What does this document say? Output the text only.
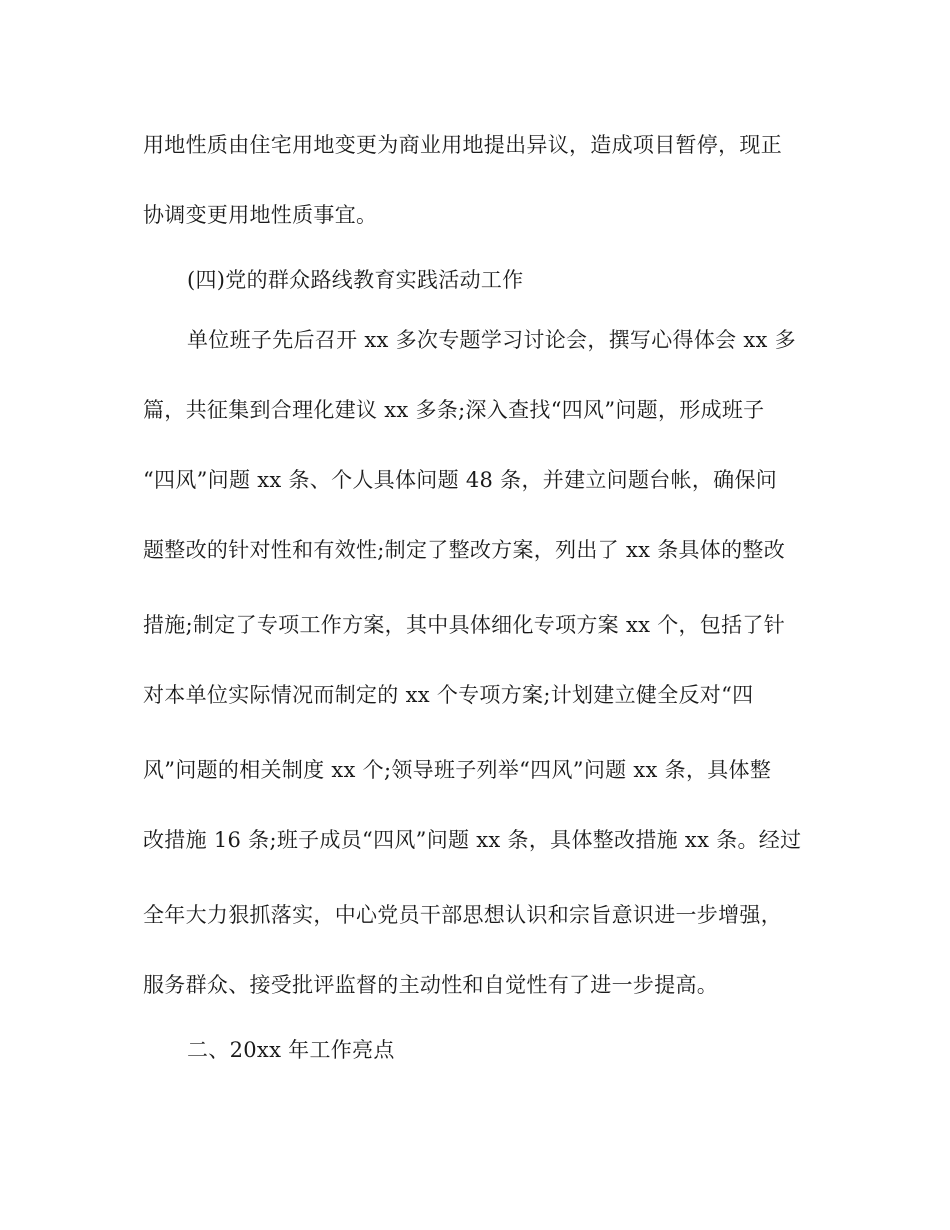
用地性质由住宅用地变更为商业用地提出异议，造成项目暂停，现正
协调变更用地性质事宜。
(四)党的群众路线教育实践活动工作
单位班子先后召开 xx 多次专题学习讨论会，撰写心得体会 xx 多
篇，共征集到合理化建议 xx 多条;深入查找“四风”问题，形成班子
“四风”问题 xx 条、个人具体问题 48 条，并建立问题台帐，确保问
题整改的针对性和有效性;制定了整改方案，列出了 xx 条具体的整改
措施;制定了专项工作方案，其中具体细化专项方案 xx 个，包括了针
对本单位实际情况而制定的 xx 个专项方案;计划建立健全反对“四
风”问题的相关制度 xx 个;领导班子列举“四风”问题 xx 条，具体整
改措施 16 条;班子成员“四风”问题 xx 条，具体整改措施 xx 条。经过
全年大力狠抓落实，中心党员干部思想认识和宗旨意识进一步增强，
服务群众、接受批评监督的主动性和自觉性有了进一步提高。
二、20xx 年工作亮点
